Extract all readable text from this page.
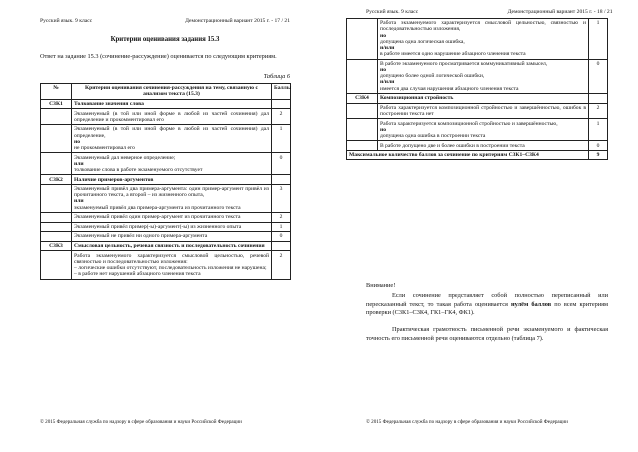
Русский язык. 9 класс	Демонстрационный вариант 2015 г. - 17 / 21
Критерии оценивания задания 15.3
Ответ на задание 15.3 (сочинение-рассуждение) оценивается по следующим критериям.
Таблица 6
© 2015 Федеральная служба по надзору в сфере образования и науки Российской Федерации
№	Критерии оценивания сочинения-рассуждения на тему, связанную с анализом текста (15.3)	Баллы
С3К1	Толкование значения слова	
	Экзаменуемый (в той или иной форме в любой из частей сочинения) дал определение и прокомментировал его	2
	Экзаменуемый (в той или иной форме в любой из частей сочинения) дал определение,
но
не прокомментировал его	1
	Экзаменуемый дал неверное определение;
или
толкование слова в работе экзаменуемого отсутствует	0
С3К2	Наличие примеров-аргументов	
	Экзаменуемый привёл два примера-аргумента: один пример-аргумент привёл из прочитанного текста, а второй – из жизненного опыта,
или
экзаменуемый привёл два примера-аргумента из прочитанного текста	3
	Экзаменуемый привёл один пример-аргумент из прочитанного текста	2
	Экзаменуемый привёл пример(-ы)-аргумент(-ы) из жизненного опыта	1
	Экзаменуемый не привёл ни одного примера-аргумента	0
С3К3	Смысловая цельность, речевая связность и последовательность сочинения	
	Работа экзаменуемого характеризуется смысловой цельностью, речевой связностью и последовательностью изложения:
– логические ошибки отсутствуют, последовательность изложения не нарушена;
– в работе нет нарушений абзацного членения текста	2
© 2015 Федеральная служба по надзору в сфере образования и науки Российской Федерации
Русский язык. 9 класс	Демонстрационный вариант 2015 г. - 18 / 21
	Работа экзаменуемого характеризуется смысловой цельностью, связностью и последовательностью изложения,
но
допущена одна логическая ошибка,
и/или
в работе имеется одно нарушение абзацного членения текста	1
	В работе экзаменуемого просматривается коммуникативный замысел,
но
допущено более одной логической ошибки,
и/или
имеется два случая нарушения абзацного членения текста	0
С3К4	Композиционная стройность	
	Работа характеризуется композиционной стройностью и завершённостью, ошибок в построении текста нет	2
	Работа характеризуется композиционной стройностью и завершённостью,
но
допущена одна ошибка в построении текста	1
	В работе допущено две и более ошибки в построении текста	0
Максимальное количество баллов за сочинение по критериям С3К1–С3К4		9
Внимание!
Если сочинение представляет собой полностью переписанный или пересказанный текст, то такая работа оценивается нулём баллов по всем критериям проверки (С3К1–С3К4, ГК1–ГК4, ФК1).
Практическая грамотность письменной речи экзаменуемого и фактическая точность его письменной речи оцениваются отдельно (таблица 7).
